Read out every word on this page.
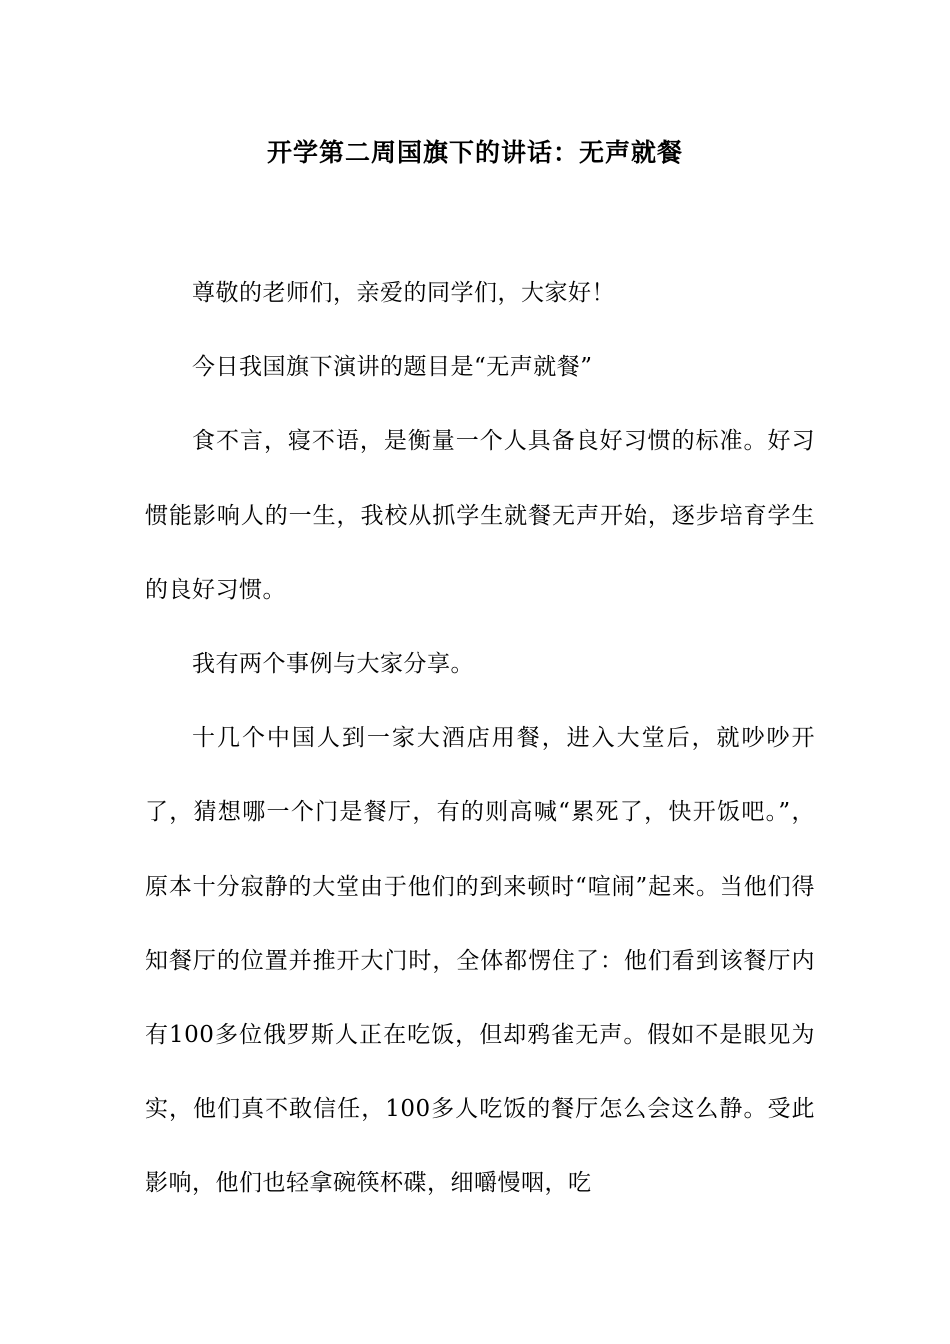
开学第二周国旗下的讲话：无声就餐

尊敬的老师们，亲爱的同学们，大家好！

今日我国旗下演讲的题目是“无声就餐”

食不言，寝不语，是衡量一个人具备良好习惯的标准。好习惯能影响人的一生，我校从抓学生就餐无声开始，逐步培育学生的良好习惯。

我有两个事例与大家分享。

十几个中国人到一家大酒店用餐，进入大堂后，就吵吵开了，猜想哪一个门是餐厅，有的则高喊“累死了，快开饭吧。”，原本十分寂静的大堂由于他们的到来顿时“喧闹”起来。当他们得知餐厅的位置并推开大门时，全体都愣住了：他们看到该餐厅内有100多位俄罗斯人正在吃饭，但却鸦雀无声。假如不是眼见为实，他们真不敢信任，100多人吃饭的餐厅怎么会这么静。受此影响，他们也轻拿碗筷杯碟，细嚼慢咽，吃
